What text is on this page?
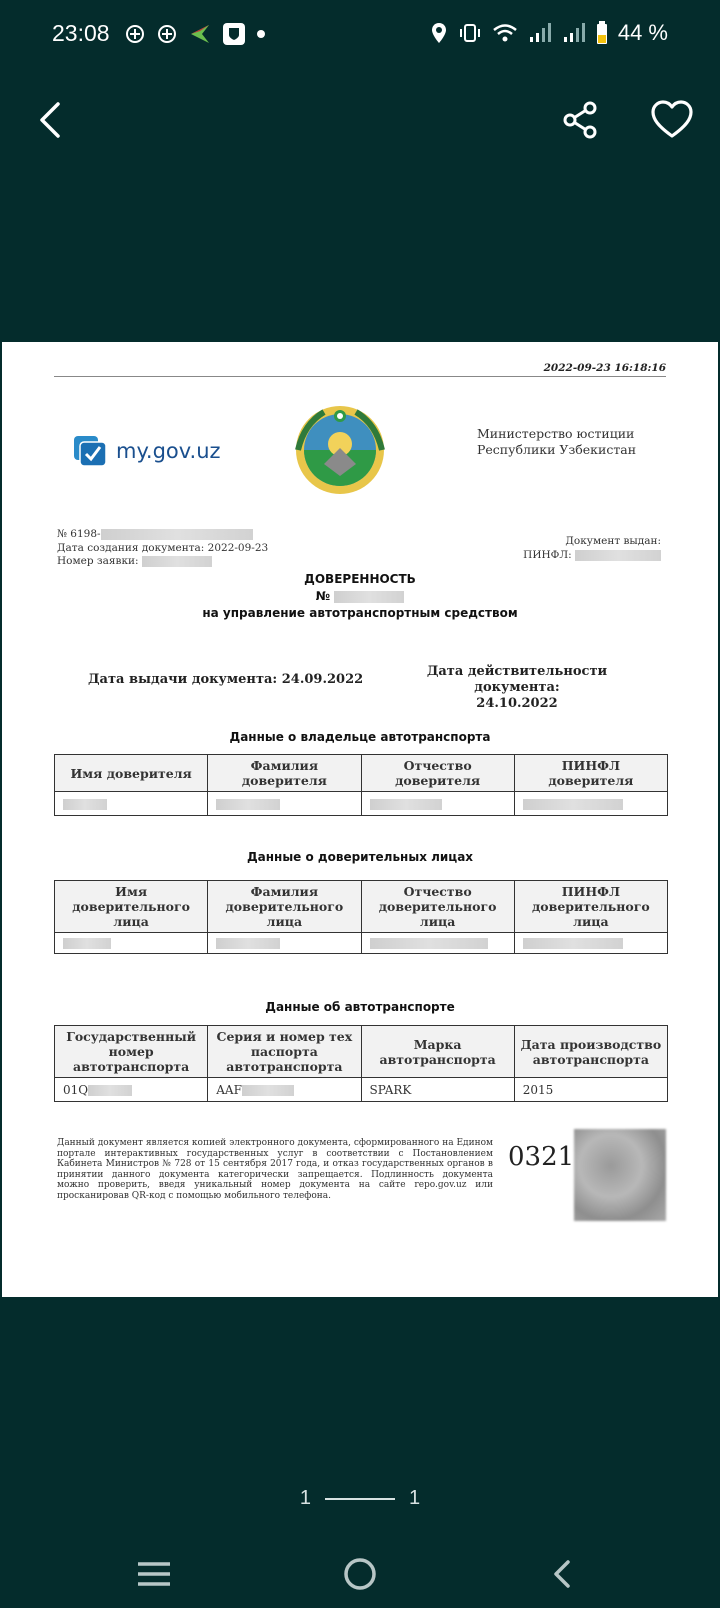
23:08	44 %
2022-09-23 16:18:16
my.gov.uz
Министерство юстиции
Республики Узбекистан
№ 6198-
Дата создания документа: 2022-09-23
Номер заявки:
Документ выдан:
ПИНФЛ:
ДОВЕРЕННОСТЬ
№
на управление автотранспортным средством
Дата выдачи документа: 24.09.2022
Дата действительности документа:
24.10.2022
Данные о владельце автотранспорта
Имя доверителя	Фамилия доверителя	Отчество доверителя	ПИНФЛ доверителя

Данные о доверительных лицах
Имя доверительного лица	Фамилия доверительного лица	Отчество доверительного лица	ПИНФЛ доверительного лица

Данные об автотранспорте
Государственный номер автотранспорта	Серия и номер тех паспорта автотранспорта	Марка автотранспорта	Дата производство автотранспорта
01Q	AAF	SPARK	2015
Данный документ является копией электронного документа, сформированного на Едином портале интерактивных государственных услуг в соответствии с Постановлением Кабинета Министров № 728 от 15 сентября 2017 года, и отказ государственных органов в принятии данного документа категорически запрещается. Подлинность документа можно проверить, введя уникальный номер документа на сайте repo.gov.uz или просканировав QR-код с помощью мобильного телефона.
0321
1	1
